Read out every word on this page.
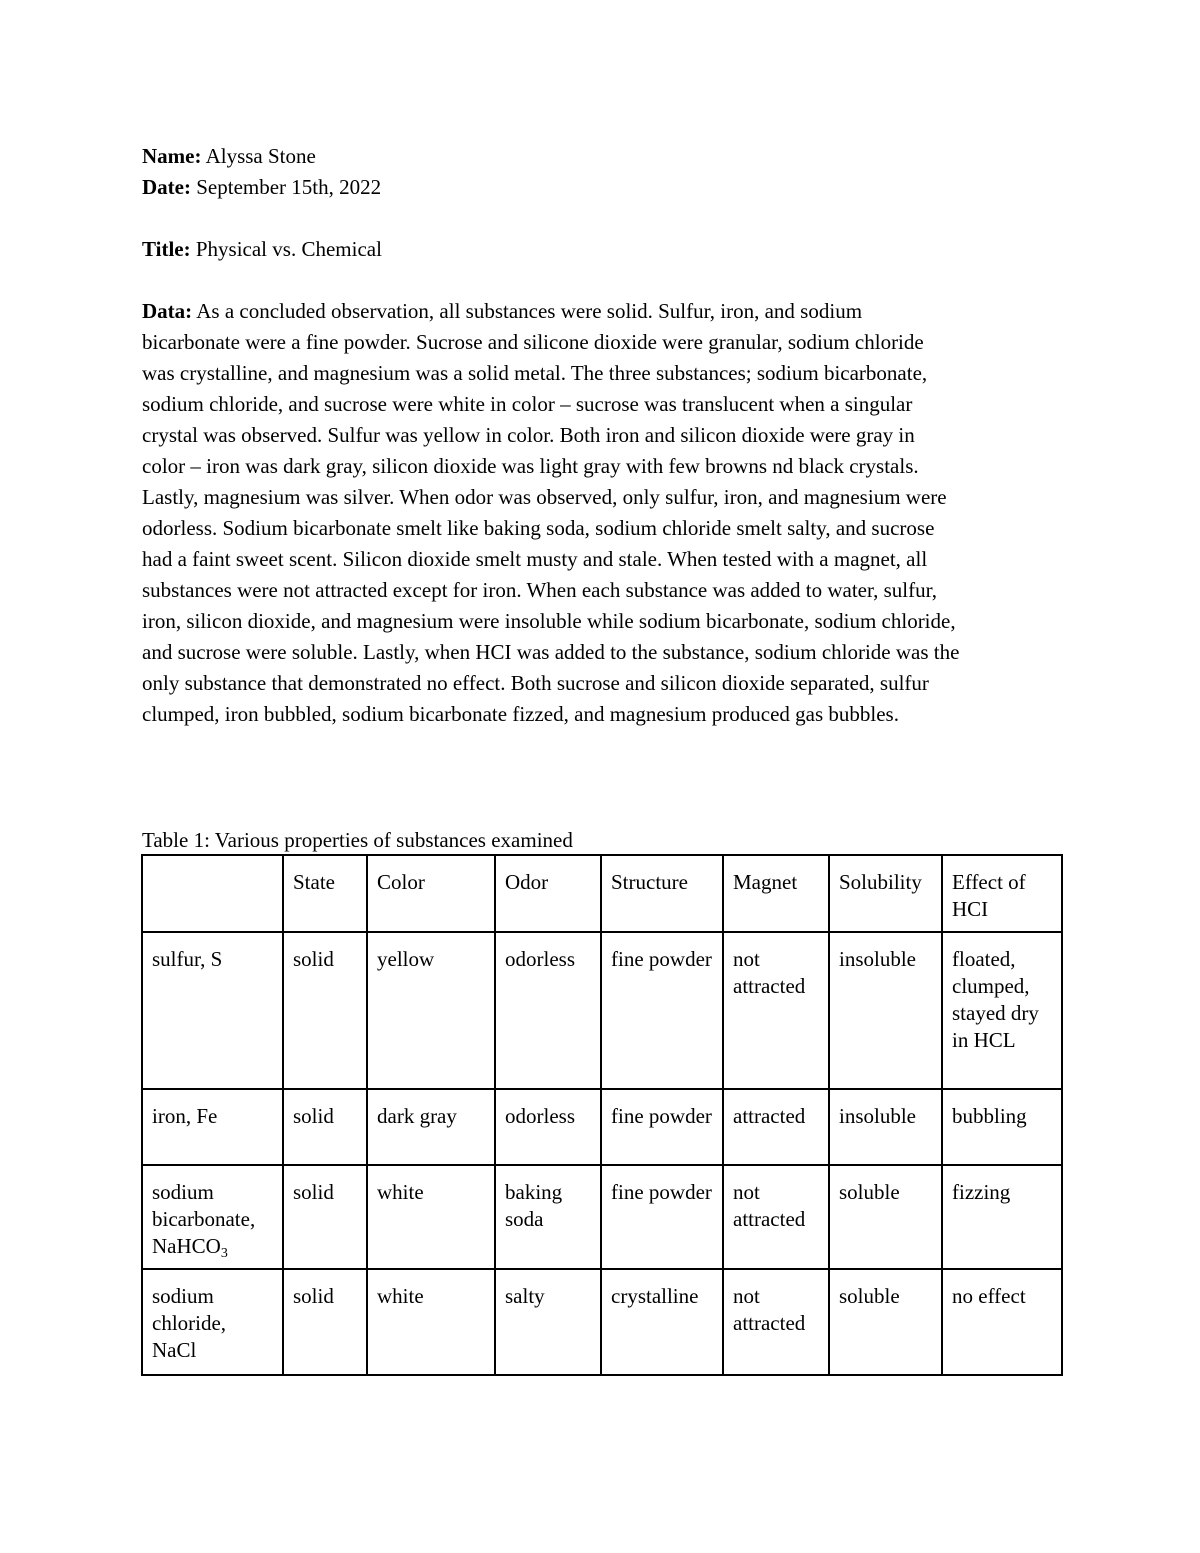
Name: Alyssa Stone
Date: September 15th, 2022
Title: Physical vs. Chemical
Data: As a concluded observation, all substances were solid. Sulfur, iron, and sodium
bicarbonate were a fine powder. Sucrose and silicone dioxide were granular, sodium chloride
was crystalline, and magnesium was a solid metal. The three substances; sodium bicarbonate,
sodium chloride, and sucrose were white in color – sucrose was translucent when a singular
crystal was observed. Sulfur was yellow in color. Both iron and silicon dioxide were gray in
color – iron was dark gray, silicon dioxide was light gray with few browns nd black crystals.
Lastly, magnesium was silver. When odor was observed, only sulfur, iron, and magnesium were
odorless. Sodium bicarbonate smelt like baking soda, sodium chloride smelt salty, and sucrose
had a faint sweet scent. Silicon dioxide smelt musty and stale. When tested with a magnet, all
substances were not attracted except for iron. When each substance was added to water, sulfur,
iron, silicon dioxide, and magnesium were insoluble while sodium bicarbonate, sodium chloride,
and sucrose were soluble. Lastly, when HCI was added to the substance, sodium chloride was the
only substance that demonstrated no effect. Both sucrose and silicon dioxide separated, sulfur
clumped, iron bubbled, sodium bicarbonate fizzed, and magnesium produced gas bubbles.
Table 1: Various properties of substances examined
	State	Color	Odor	Structure	Magnet	Solubility	Effect of HCI
sulfur, S	solid	yellow	odorless	fine powder	not attracted	insoluble	floated, clumped, stayed dry in HCL
iron, Fe	solid	dark gray	odorless	fine powder	attracted	insoluble	bubbling
sodium bicarbonate, NaHCO$_3$	solid	white	baking soda	fine powder	not attracted	soluble	fizzing
sodium chloride, NaCl	solid	white	salty	crystalline	not attracted	soluble	no effect
